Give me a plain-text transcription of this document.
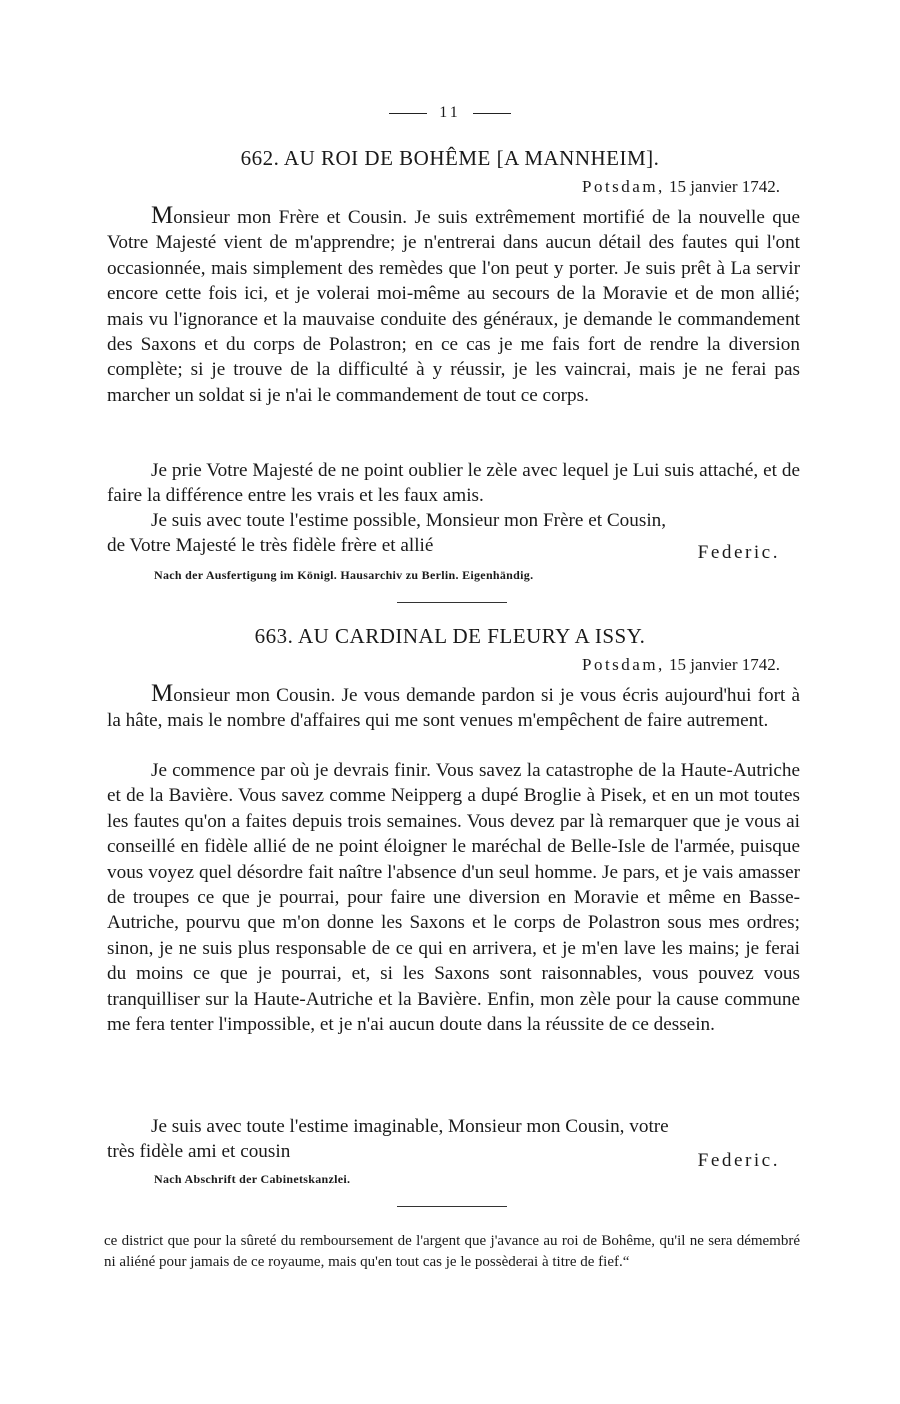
11
662. AU ROI DE BOHÊME [A MANNHEIM].
Potsdam, 15 janvier 1742.

Monsieur mon Frère et Cousin. Je suis extrêmement mortifié de la nouvelle que Votre Majesté vient de m'apprendre; je n'entrerai dans aucun détail des fautes qui l'ont occasionnée, mais simplement des remèdes que l'on peut y porter. Je suis prêt à La servir encore cette fois ici, et je volerai moi-même au secours de la Moravie et de mon allié; mais vu l'ignorance et la mauvaise conduite des généraux, je demande le commandement des Saxons et du corps de Polastron; en ce cas je me fais fort de rendre la diversion complète; si je trouve de la difficulté à y réussir, je les vaincrai, mais je ne ferai pas marcher un soldat si je n'ai le commandement de tout ce corps.

Je prie Votre Majesté de ne point oublier le zèle avec lequel je Lui suis attaché, et de faire la différence entre les vrais et les faux amis.

Je suis avec toute l'estime possible, Monsieur mon Frère et Cousin,
de Votre Majesté le très fidèle frère et allié	Federic.
Nach der Ausfertigung im Königl. Hausarchiv zu Berlin. Eigenhändig.
663. AU CARDINAL DE FLEURY A ISSY.
Potsdam, 15 janvier 1742.

Monsieur mon Cousin. Je vous demande pardon si je vous écris aujourd'hui fort à la hâte, mais le nombre d'affaires qui me sont venues m'empêchent de faire autrement.

Je commence par où je devrais finir. Vous savez la catastrophe de la Haute-Autriche et de la Bavière. Vous savez comme Neipperg a dupé Broglie à Pisek, et en un mot toutes les fautes qu'on a faites depuis trois semaines. Vous devez par là remarquer que je vous ai conseillé en fidèle allié de ne point éloigner le maréchal de Belle-Isle de l'armée, puisque vous voyez quel désordre fait naître l'absence d'un seul homme. Je pars, et je vais amasser de troupes ce que je pourrai, pour faire une diversion en Moravie et même en Basse-Autriche, pourvu que m'on donne les Saxons et le corps de Polastron sous mes ordres; sinon, je ne suis plus responsable de ce qui en arrivera, et je m'en lave les mains; je ferai du moins ce que je pourrai, et, si les Saxons sont raisonnables, vous pouvez vous tranquilliser sur la Haute-Autriche et la Bavière. Enfin, mon zèle pour la cause commune me fera tenter l'impossible, et je n'ai aucun doute dans la réussite de ce dessein.

Je suis avec toute l'estime imaginable, Monsieur mon Cousin, votre
très fidèle ami et cousin	Federic.
Nach Abschrift der Cabinetskanzlei.

ce district que pour la sûreté du remboursement de l'argent que j'avance au roi de Bohême, qu'il ne sera démembré ni aliéné pour jamais de ce royaume, mais qu'en tout cas je le possèderai à titre de fief.“
